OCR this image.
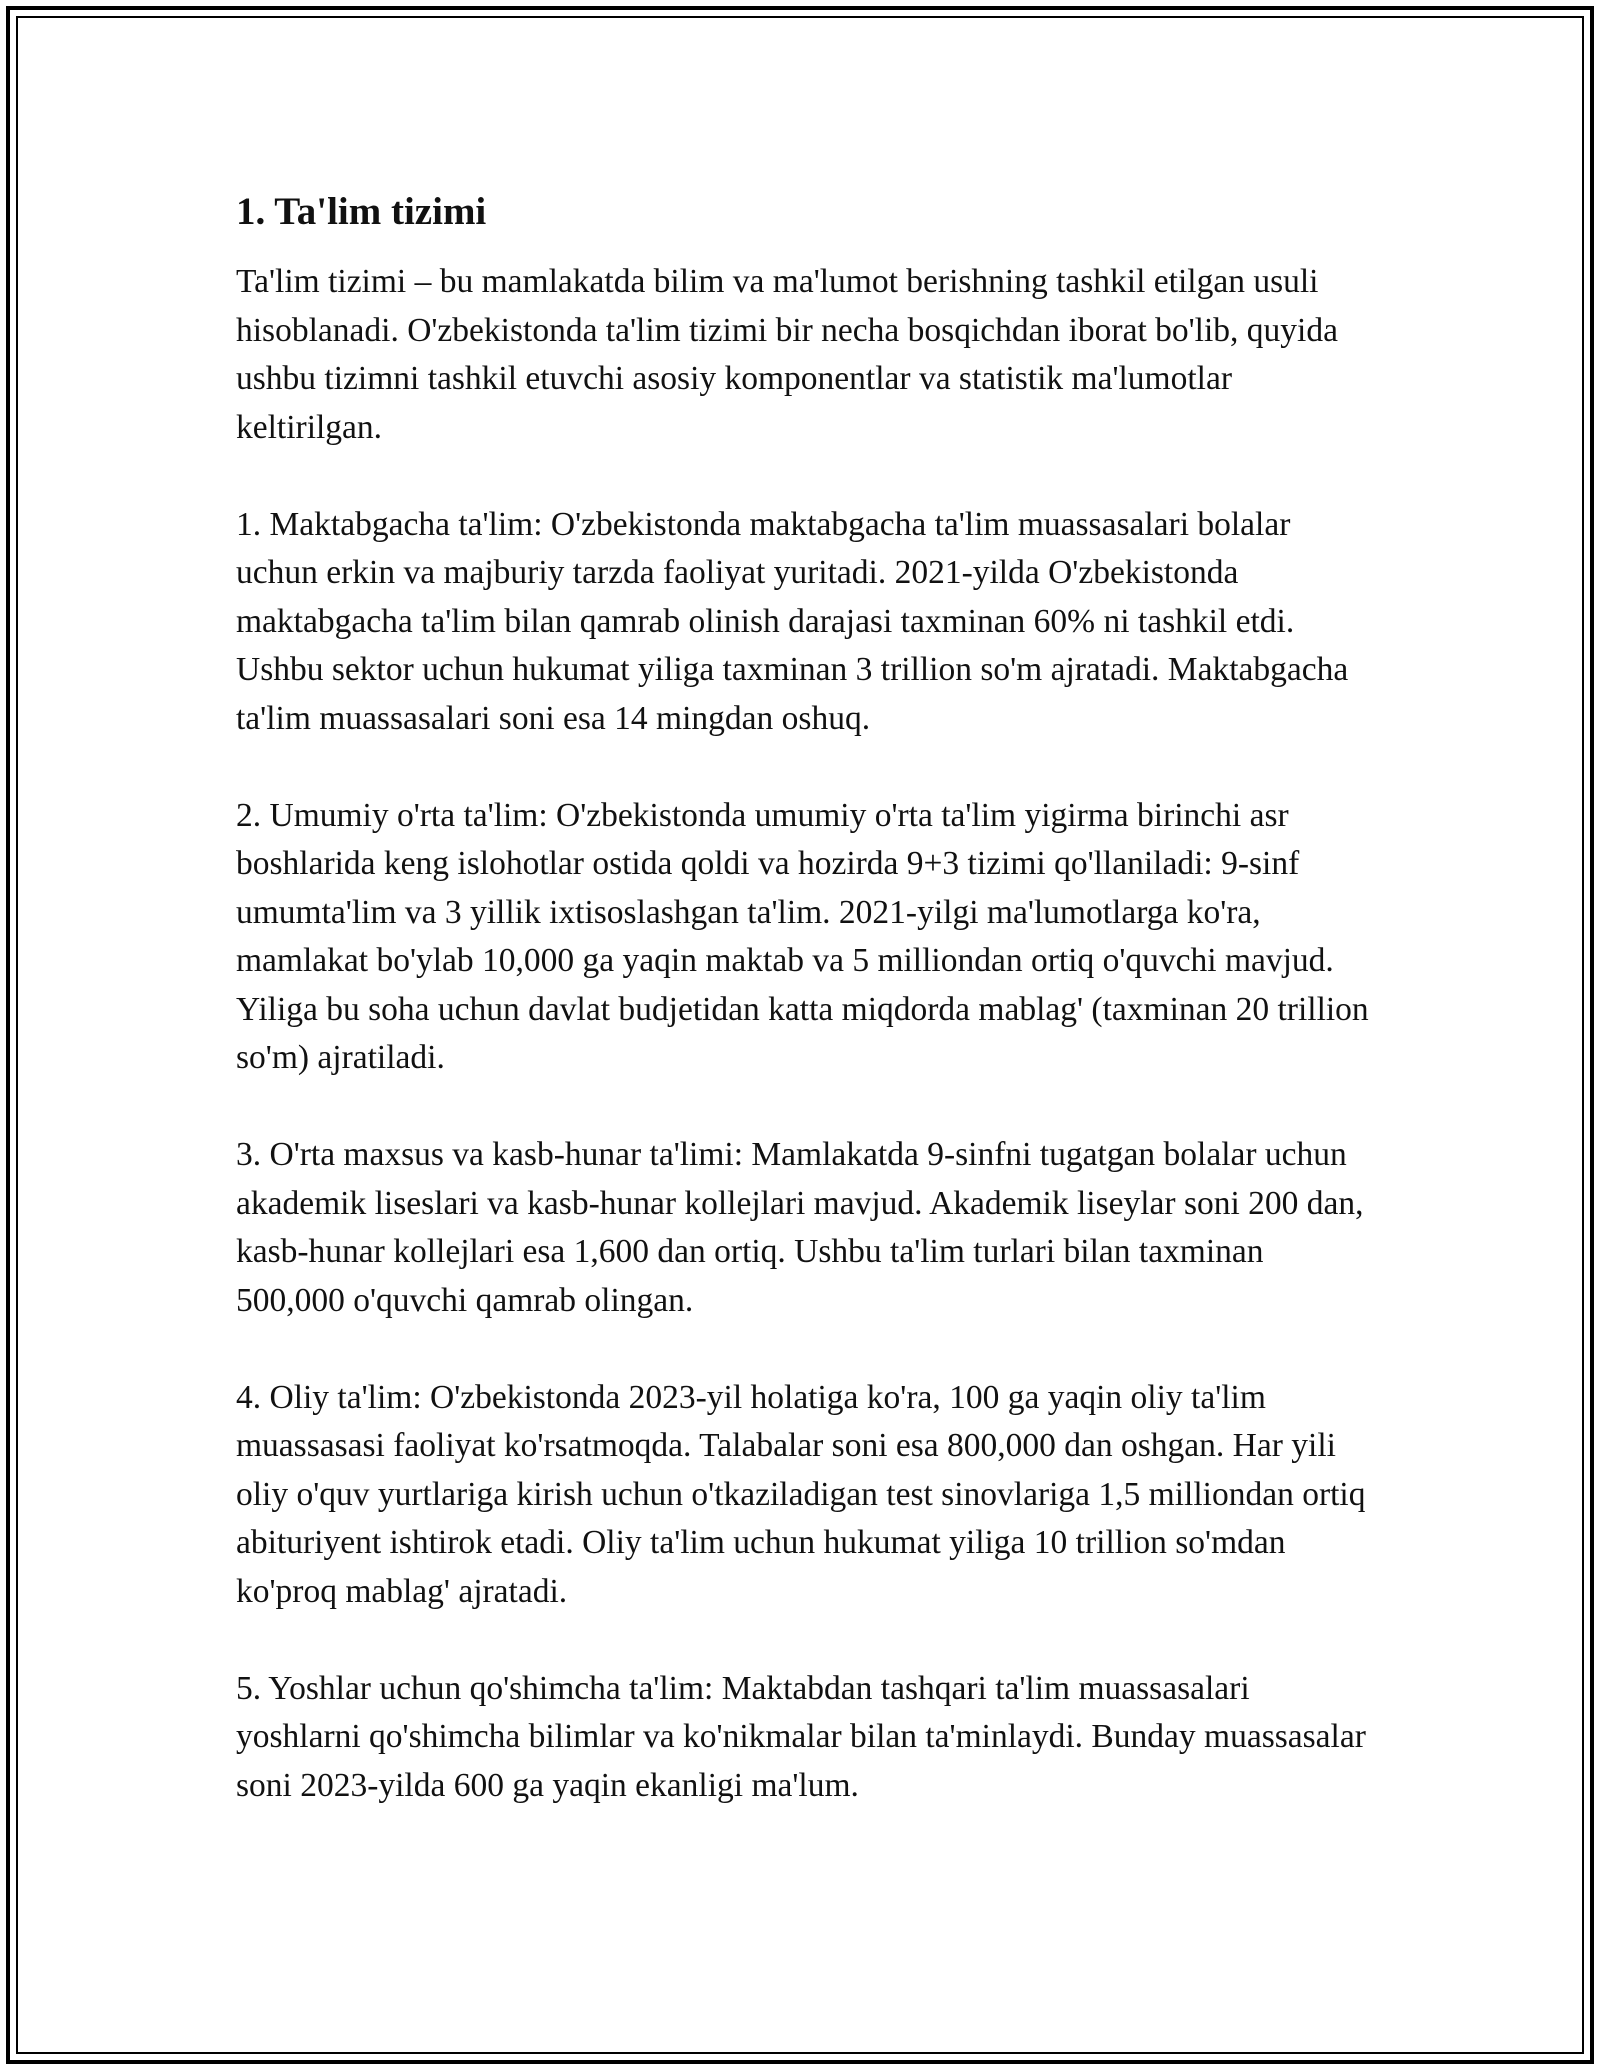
1. Ta'lim tizimi

Ta'lim tizimi – bu mamlakatda bilim va ma'lumot berishning tashkil etilgan usuli hisoblanadi. O'zbekistonda ta'lim tizimi bir necha bosqichdan iborat bo'lib, quyida ushbu tizimni tashkil etuvchi asosiy komponentlar va statistik ma'lumotlar keltirilgan.

1. Maktabgacha ta'lim: O'zbekistonda maktabgacha ta'lim muassasalari bolalar uchun erkin va majburiy tarzda faoliyat yuritadi. 2021-yilda O'zbekistonda maktabgacha ta'lim bilan qamrab olinish darajasi taxminan 60% ni tashkil etdi. Ushbu sektor uchun hukumat yiliga taxminan 3 trillion so'm ajratadi. Maktabgacha ta'lim muassasalari soni esa 14 mingdan oshuq.

2. Umumiy o'rta ta'lim: O'zbekistonda umumiy o'rta ta'lim yigirma birinchi asr boshlarida keng islohotlar ostida qoldi va hozirda 9+3 tizimi qo'llaniladi: 9-sinf umumta'lim va 3 yillik ixtisoslashgan ta'lim. 2021-yilgi ma'lumotlarga ko'ra, mamlakat bo'ylab 10,000 ga yaqin maktab va 5 milliondan ortiq o'quvchi mavjud. Yiliga bu soha uchun davlat budjetidan katta miqdorda mablag' (taxminan 20 trillion so'm) ajratiladi.

3. O'rta maxsus va kasb-hunar ta'limi: Mamlakatda 9-sinfni tugatgan bolalar uchun akademik liseslari va kasb-hunar kollejlari mavjud. Akademik liseylar soni 200 dan, kasb-hunar kollejlari esa 1,600 dan ortiq. Ushbu ta'lim turlari bilan taxminan 500,000 o'quvchi qamrab olingan.

4. Oliy ta'lim: O'zbekistonda 2023-yil holatiga ko'ra, 100 ga yaqin oliy ta'lim muassasasi faoliyat ko'rsatmoqda. Talabalar soni esa 800,000 dan oshgan. Har yili oliy o'quv yurtlariga kirish uchun o'tkaziladigan test sinovlariga 1,5 milliondan ortiq abituriyent ishtirok etadi. Oliy ta'lim uchun hukumat yiliga 10 trillion so'mdan ko'proq mablag' ajratadi.

5. Yoshlar uchun qo'shimcha ta'lim: Maktabdan tashqari ta'lim muassasalari yoshlarni qo'shimcha bilimlar va ko'nikmalar bilan ta'minlaydi. Bunday muassasalar soni 2023-yilda 600 ga yaqin ekanligi ma'lum.
